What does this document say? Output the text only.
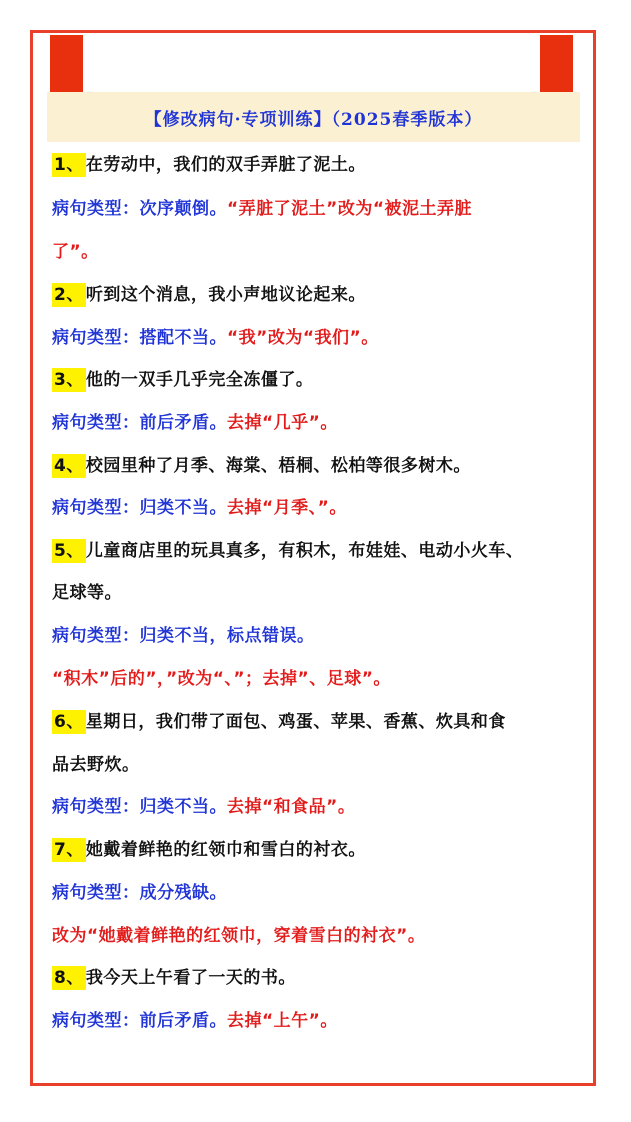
【修改病句·专项训练】（2025春季版本）
1、 在劳动中，我们的双手弄脏了泥土。
病句类型：次序颠倒。“弄脏了泥土”改为“被泥土弄脏
了”。
2、 听到这个消息，我小声地议论起来。
病句类型：搭配不当。“我”改为“我们”。
3、 他的一双手几乎完全冻僵了。
病句类型：前后矛盾。去掉“几乎”。
4、 校园里种了月季、海棠、梧桐、松柏等很多树木。
病句类型：归类不当。去掉“月季、”。
5、 儿童商店里的玩具真多，有积木，布娃娃、电动小火车、
足球等。
病句类型：归类不当，标点错误。
“积木”后的”，”改为“、”；去掉”、足球”。
6、 星期日，我们带了面包、鸡蛋、苹果、香蕉、炊具和食
品去野炊。
病句类型：归类不当。去掉“和食品”。
7、 她戴着鲜艳的红领巾和雪白的衬衣。
病句类型：成分残缺。
改为“她戴着鲜艳的红领巾，穿着雪白的衬衣”。
8、 我今天上午看了一天的书。
病句类型：前后矛盾。去掉“上午”。
